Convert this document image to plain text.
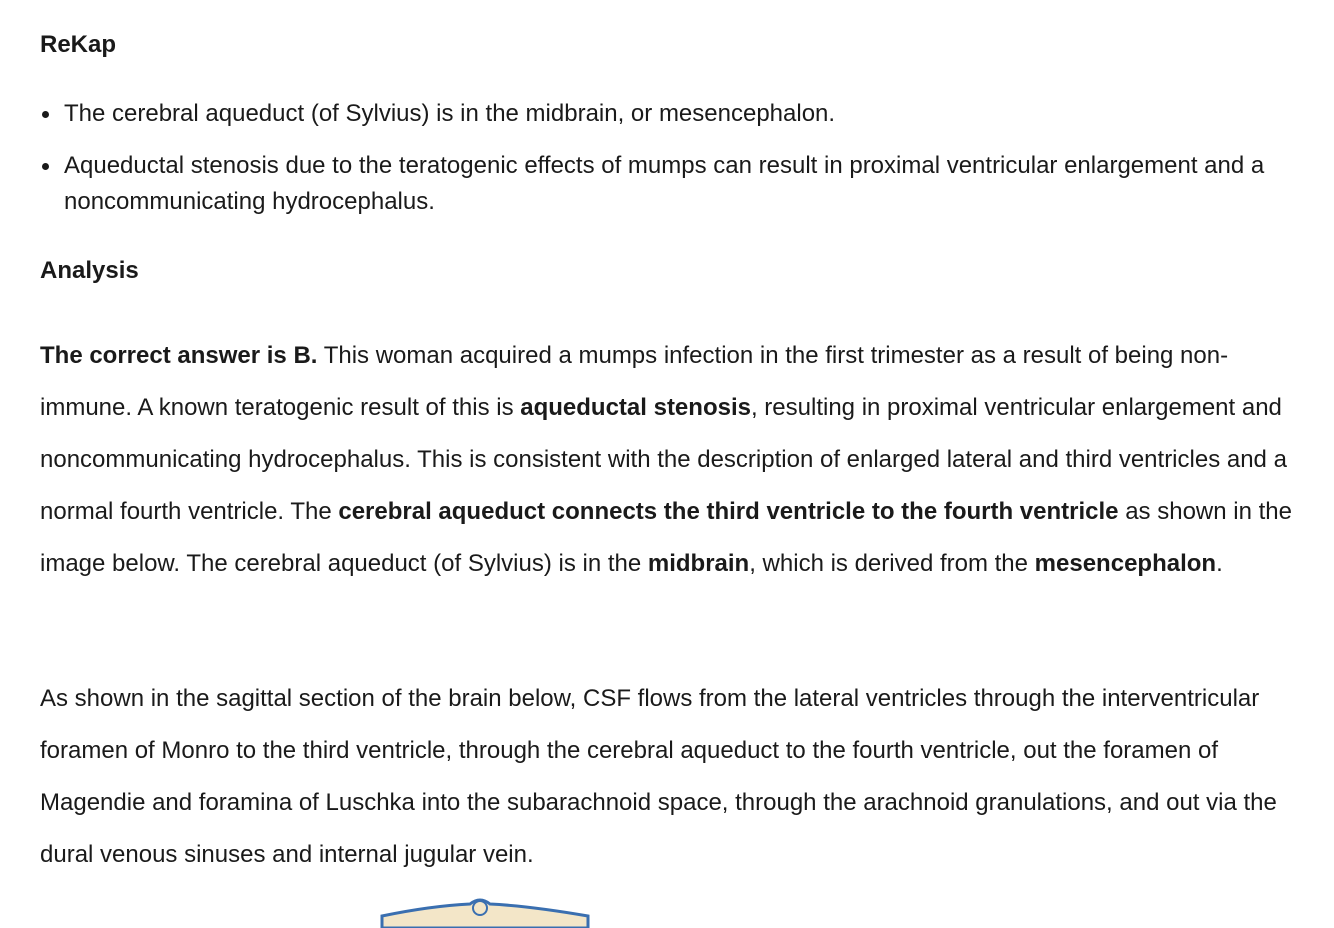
ReKap
The cerebral aqueduct (of Sylvius) is in the midbrain, or mesencephalon.
Aqueductal stenosis due to the teratogenic effects of mumps can result in proximal ventricular enlargement and a noncommunicating hydrocephalus.
Analysis

The correct answer is B. This woman acquired a mumps infection in the first trimester as a result of being non-immune. A known teratogenic result of this is aqueductal stenosis, resulting in proximal ventricular enlargement and noncommunicating hydrocephalus. This is consistent with the description of enlarged lateral and third ventricles and a normal fourth ventricle. The cerebral aqueduct connects the third ventricle to the fourth ventricle as shown in the image below. The cerebral aqueduct (of Sylvius) is in the midbrain, which is derived from the mesencephalon.

As shown in the sagittal section of the brain below, CSF flows from the lateral ventricles through the interventricular foramen of Monro to the third ventricle, through the cerebral aqueduct to the fourth ventricle, out the foramen of Magendie and foramina of Luschka into the subarachnoid space, through the arachnoid granulations, and out via the dural venous sinuses and internal jugular vein.
